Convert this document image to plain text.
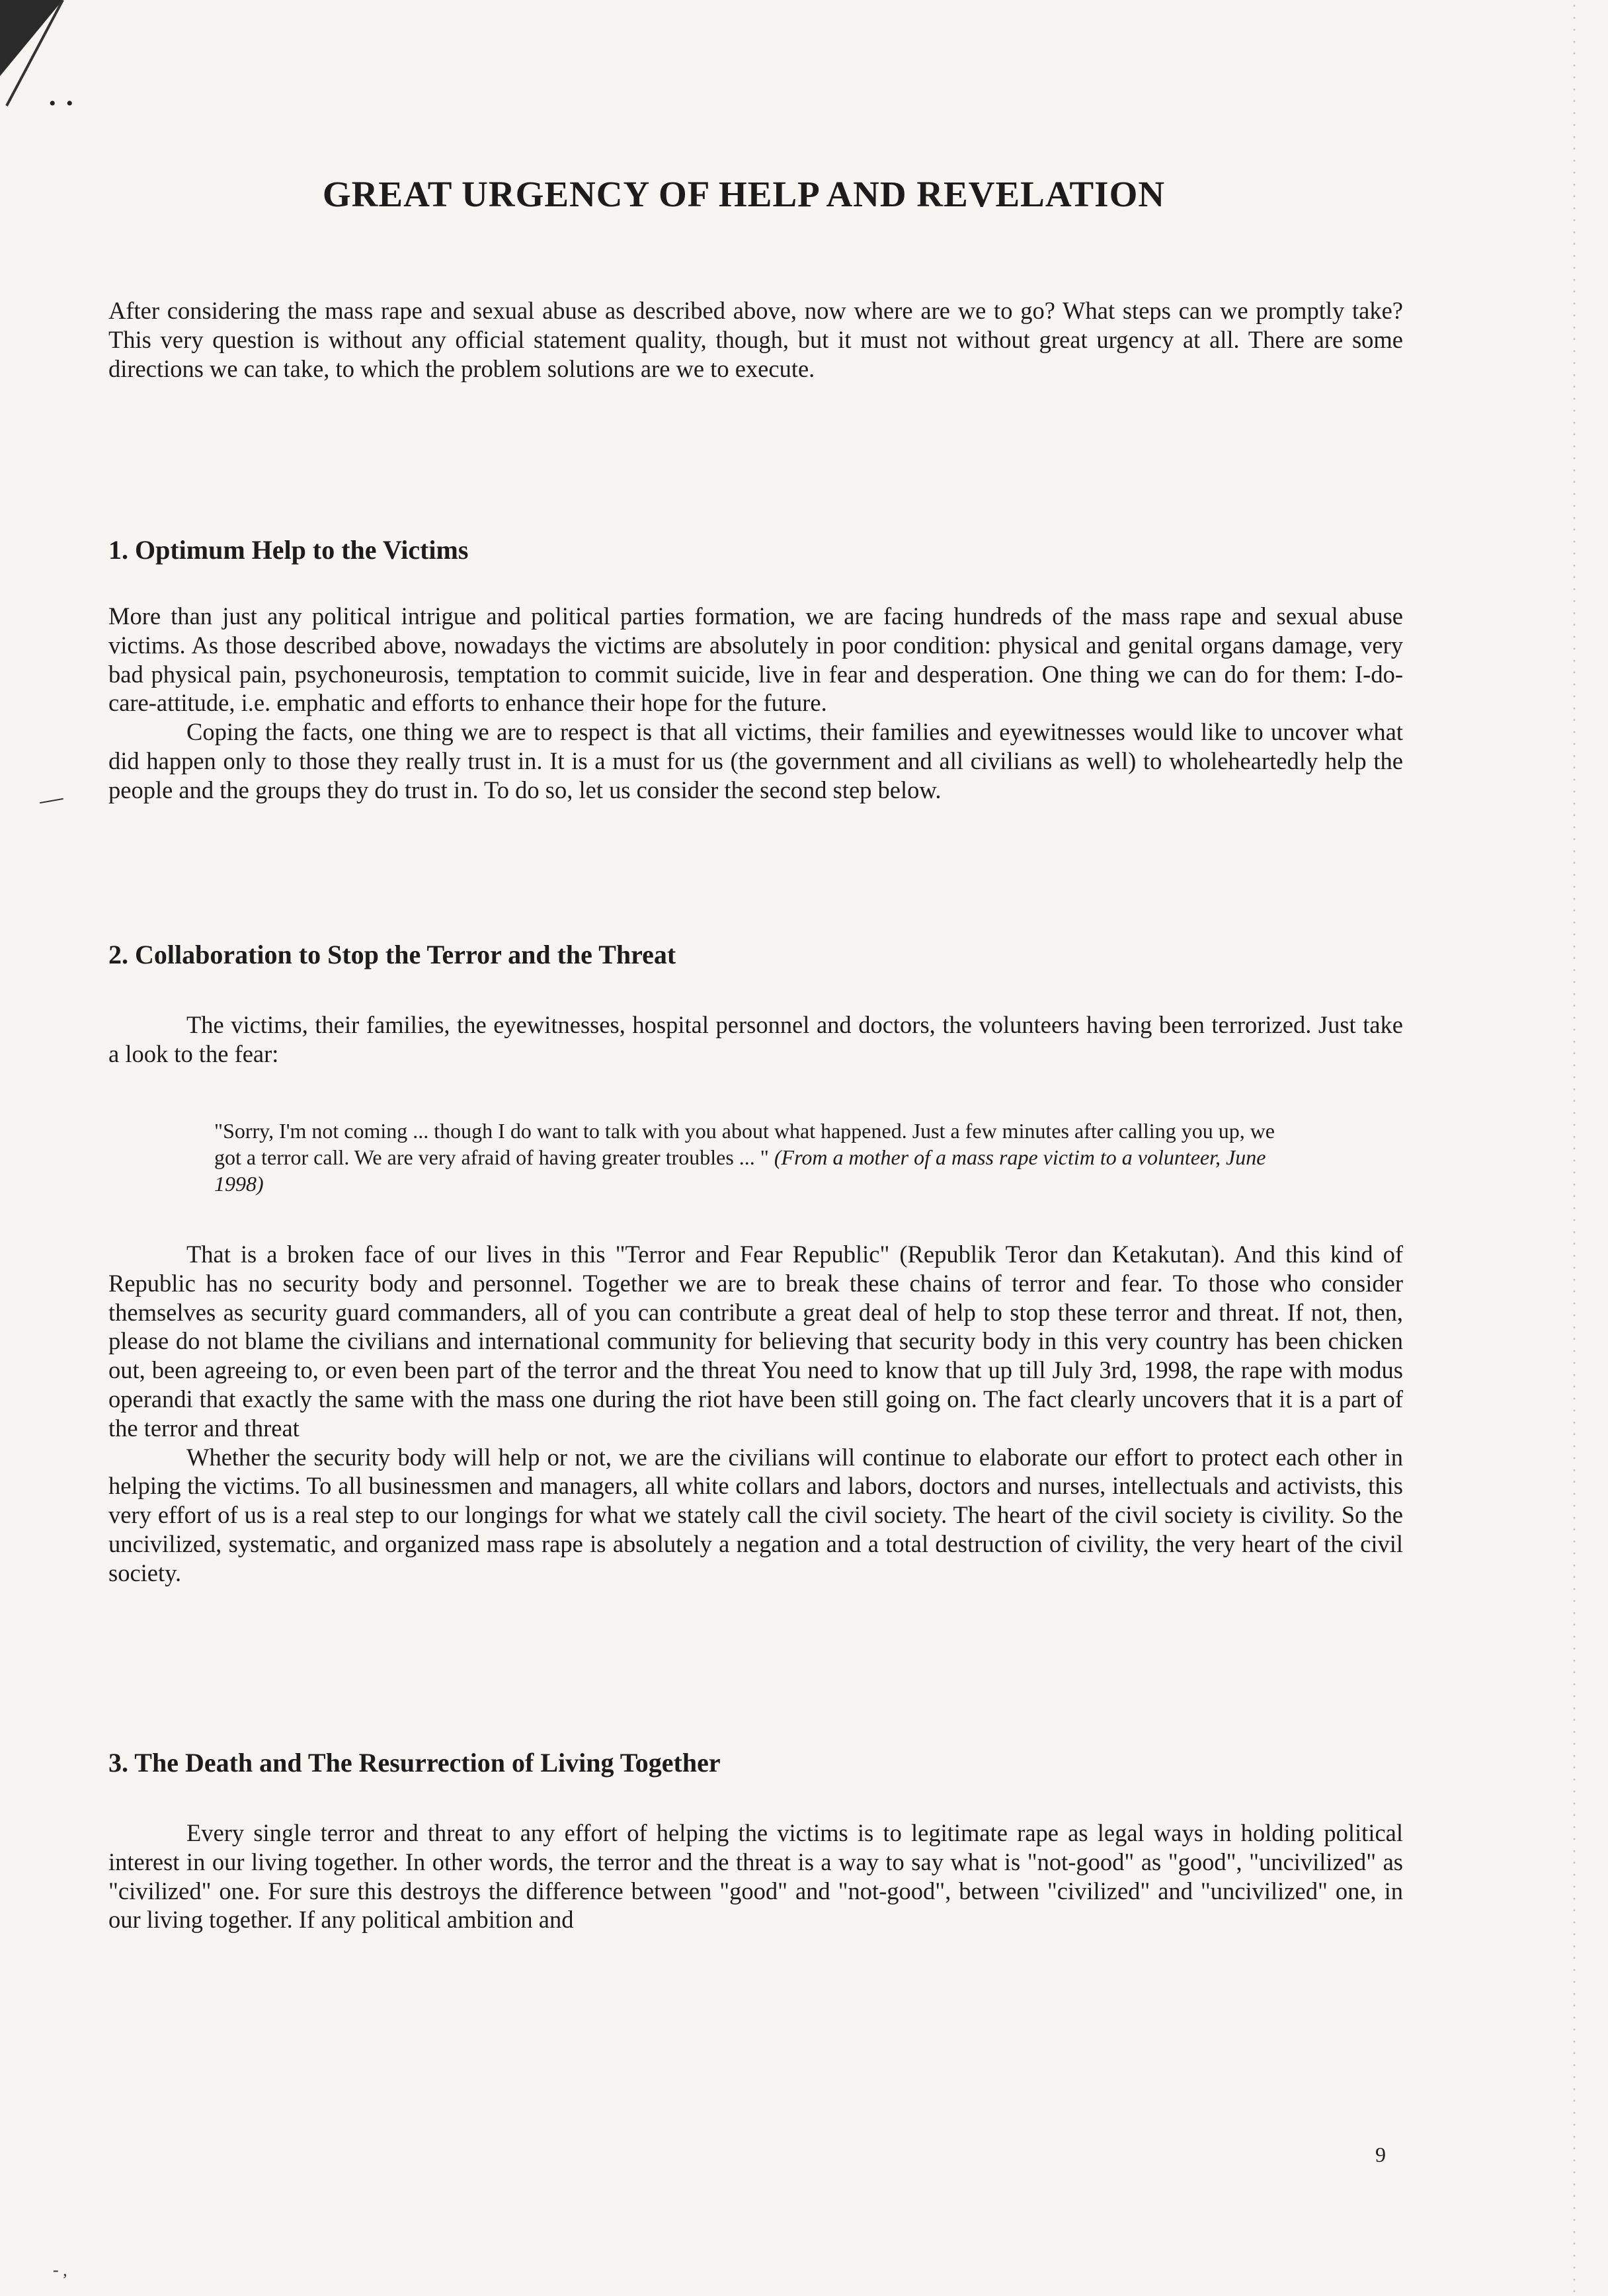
• •
- ,
GREAT URGENCY OF HELP AND REVELATION

After considering the mass rape and sexual abuse as described above, now where are we to go? What steps can we promptly take? This very question is without any official statement quality, though, but it must not without great urgency at all. There are some directions we can take, to which the problem solutions are we to execute.

1. Optimum Help to the Victims

More than just any political intrigue and political parties formation, we are facing hundreds of the mass rape and sexual abuse victims. As those described above, nowadays the victims are absolutely in poor condition: physical and genital organs damage, very bad physical pain, psychoneurosis, temptation to commit suicide, live in fear and desperation. One thing we can do for them: I-do-care-attitude, i.e. emphatic and efforts to enhance their hope for the future.

Coping the facts, one thing we are to respect is that all victims, their families and eyewitnesses would like to uncover what did happen only to those they really trust in. It is a must for us (the government and all civilians as well) to wholeheartedly help the people and the groups they do trust in. To do so, let us consider the second step below.

2. Collaboration to Stop the Terror and the Threat

The victims, their families, the eyewitnesses, hospital personnel and doctors, the volunteers having been terrorized. Just take a look to the fear:

"Sorry, I'm not coming ... though I do want to talk with you about what happened. Just a few minutes after calling you up, we got a terror call. We are very afraid of having greater troubles ... " (From a mother of a mass rape victim to a volunteer, June 1998)

That is a broken face of our lives in this "Terror and Fear Republic" (Republik Teror dan Ketakutan). And this kind of Republic has no security body and personnel. Together we are to break these chains of terror and fear. To those who consider themselves as security guard commanders, all of you can contribute a great deal of help to stop these terror and threat. If not, then, please do not blame the civilians and international community for believing that security body in this very country has been chicken out, been agreeing to, or even been part of the terror and the threat You need to know that up till July 3rd, 1998, the rape with modus operandi that exactly the same with the mass one during the riot have been still going on. The fact clearly uncovers that it is a part of the terror and threat

Whether the security body will help or not, we are the civilians will continue to elaborate our effort to protect each other in helping the victims. To all businessmen and managers, all white collars and labors, doctors and nurses, intellectuals and activists, this very effort of us is a real step to our longings for what we stately call the civil society. The heart of the civil society is civility. So the uncivilized, systematic, and organized mass rape is absolutely a negation and a total destruction of civility, the very heart of the civil society.

3. The Death and The Resurrection of Living Together

Every single terror and threat to any effort of helping the victims is to legitimate rape as legal ways in holding political interest in our living together. In other words, the terror and the threat is a way to say what is "not-good" as "good", "uncivilized" as "civilized" one. For sure this destroys the difference between "good" and "not-good", between "civilized" and "uncivilized" one, in our living together. If any political ambition and

9
